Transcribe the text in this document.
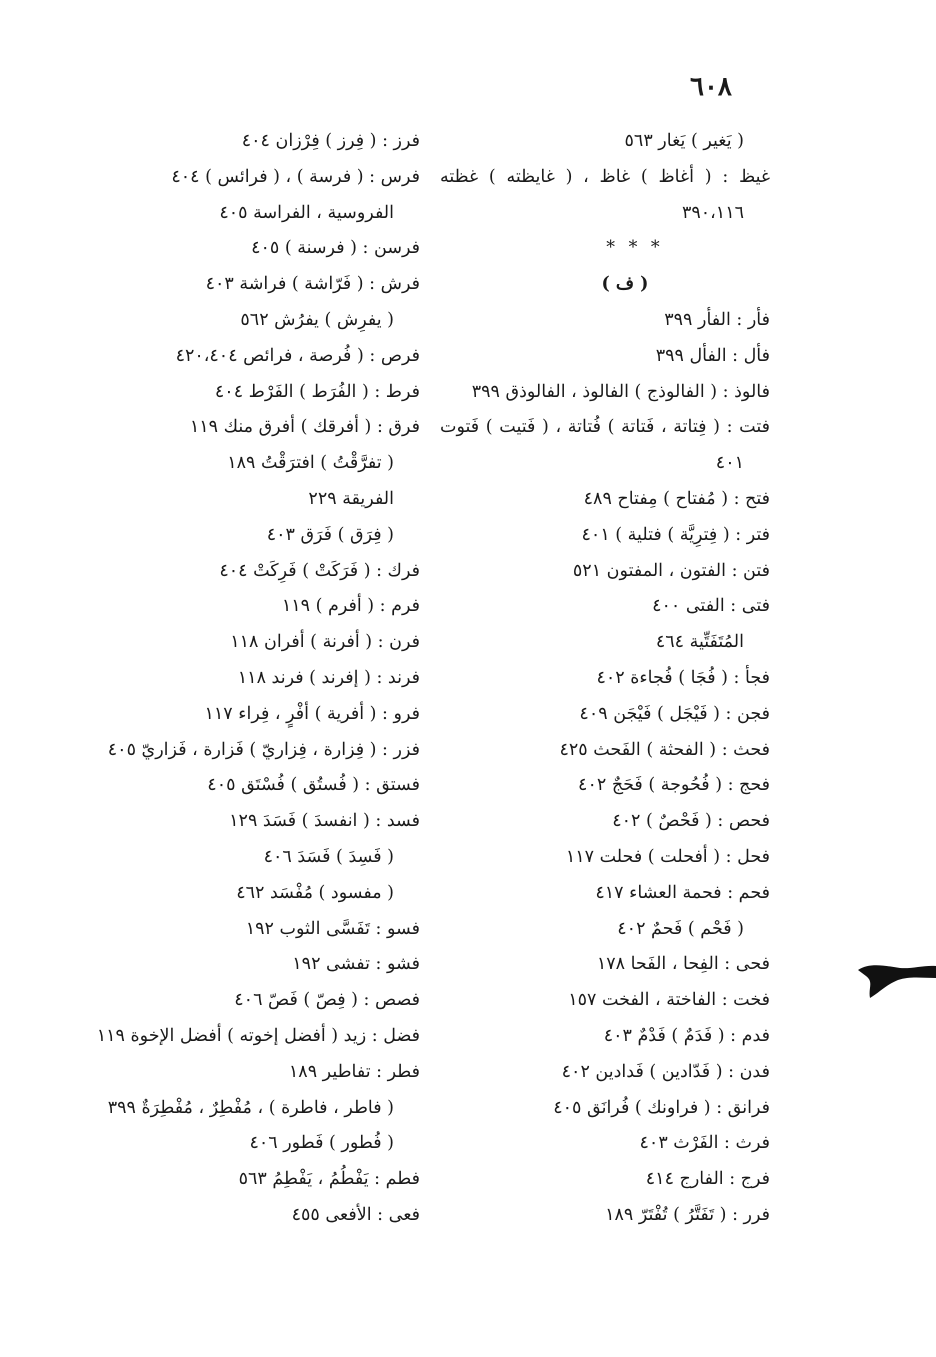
٦٠٨
( يَغير ) يَغار ٥٦٣
غيظ : ( أغاظ ) غاظ ، ( غايظته ) غظته
٣٩٠،١١٦
* * *
( ف )
فأر : الفأر ٣٩٩
فأل : الفأل ٣٩٩
فالوذ : ( الفالوذج ) الفالوذ ، الفالوذق ٣٩٩
فتت : ( فِتاتة ، فَتاتة ) فُتاتة ، ( فَتيت ) فَتوت
٤٠١
فتح : ( مُفتاح ) مِفتاح ٤٨٩
فتر : ( فِترِيَّة ) فتلية ) ٤٠١
فتن : الفتون ، المفتون ٥٢١
فتى : الفتى ٤٠٠
المُتَفَتِّية ٤٦٤
فجأ : ( فُجَا ) فُجاءة ٤٠٢
فجن : ( فَيْجَل ) فَيْجَن ٤٠٩
فحث : ( الفحثة ) الفَحث ٤٢٥
فحج : ( فُحُوجة ) فَحَجٌ ٤٠٢
فحص : ( فَحْصٌ ) ٤٠٢
فحل : ( أفحلت ) فحلت ١١٧
فحم : فحمة العشاء ٤١٧
( فَحْم ) فَحمٌ ٤٠٢
فحى : الفِحا ، الفَحا ١٧٨
فخت : الفاختة ، الفخت ١٥٧
فدم : ( فَدَمٌ ) فَدْمٌ ٤٠٣
فدن : ( فَدّادين ) فَدادين ٤٠٢
فرانق : ( فراونك ) فُرانَق ٤٠٥
فرث : الفَرْث ٤٠٣
فرج : الفارج ٤١٤
فرر : ( تَفَتَّرُ ) تُفْتَرّ ١٨٩
فرز : ( فِرز ) فِرْزان ٤٠٤
فرس : ( فرسة ) ، ( فرائس ) ٤٠٤
الفروسية ، الفراسة ٤٠٥
فرسن : ( فرسنة ) ٤٠٥
فرش : ( فَرّاشة ) فراشة ٤٠٣
( يفرِش ) يفرُش ٥٦٢
فرص : ( فُرصة ، فرائص ٤٢٠،٤٠٤
فرط : ( الفُرَط ) الفَرْط ٤٠٤
فرق : ( أفرقك ) أفرق منك ١١٩
( تفرَّقْتُ ) افترَقْتُ ١٨٩
الفريقة ٢٢٩
( فِرَق ) فَرَق ٤٠٣
فرك : ( فَرَكَتْ ) فَرِكَتْ ٤٠٤
فرم : ( أفرم ) ١١٩
فرن : ( أفرنة ) أفران ١١٨
فرند : ( إفرند ) فرند ١١٨
فرو : ( أفرية ) أفْرٍ ، فِراء ١١٧
فزر : ( فِزارة ، فِزاريّ ) فَزارة ، فَزاريّ ٤٠٥
فستق : ( فُستُق ) فُسْتَق ٤٠٥
فسد : ( انفسدَ ) فَسَدَ ١٢٩
( فَسِدَ ) فَسَدَ ٤٠٦
( مفسود ) مُفْسَد ٤٦٢
فسو : تَفَسَّى الثوب ١٩٢
فشو : تفشى ١٩٢
فصص : ( فِصّ ) فَصّ ٤٠٦
فضل : زيد ( أفضل إخوته ) أفضل الإخوة ١١٩
فطر : تفاطير ١٨٩
( فاطر ، فاطرة ) ، مُفْطِرٌ ، مُفْطِرَةٌ ٣٩٩
( فُطور ) فَطور ٤٠٦
فطم : يَفْطُمُ ، يَفْطِمُ ٥٦٣
فعى : الأفعى ٤٥٥
